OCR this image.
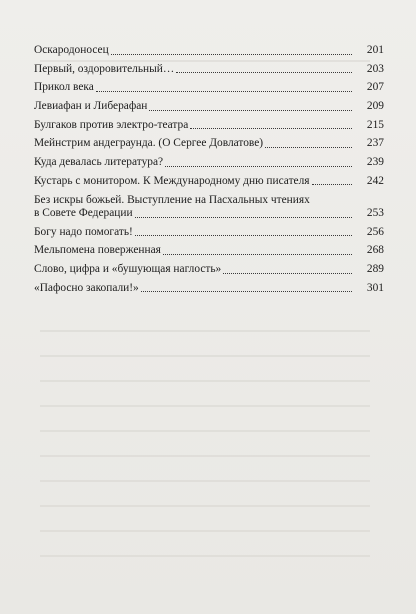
Оскародоносец	201
Первый, оздоровительный…	203
Прикол века	207
Левиафан и Либерафан	209
Булгаков против электро-театра	215
Мейнстрим андеграунда. (О Сергее Довлатове)	237
Куда девалась литература?	239
Кустарь с монитором. К Международному дню писателя	242
Без искры божьей. Выступление на Пасхальных чтениях
в Совете Федерации	253
Богу надо помогать!	256
Мельпомена поверженная	268
Слово, цифра и «бушующая наглость»	289
«Пафосно закопали!»	301
